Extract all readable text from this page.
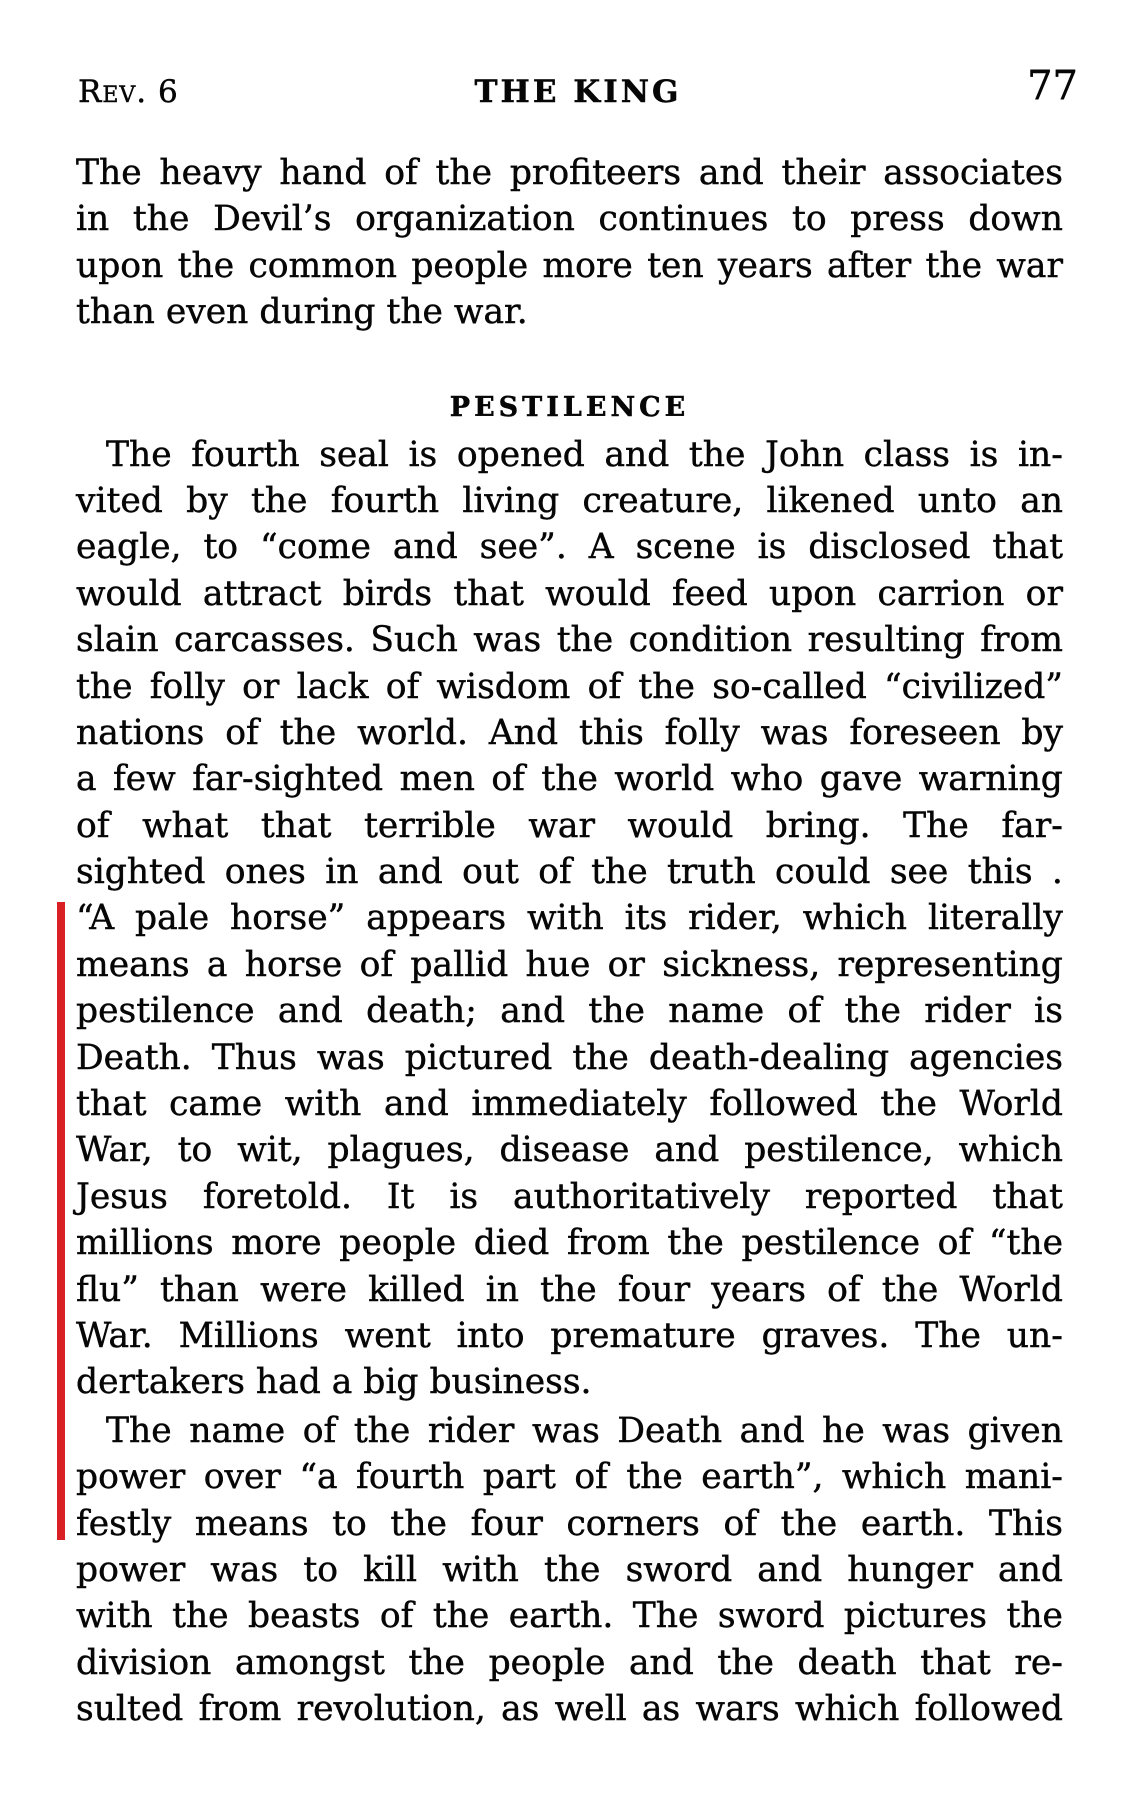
Rev. 6	THE KING	77
The heavy hand of the profiteers and their associates
in the Devil’s organization continues to press down
upon the common people more ten years after the war
than even during the war.
PESTILENCE
The fourth seal is opened and the John class is in-
vited by the fourth living creature, likened unto an
eagle, to “come and see”. A scene is disclosed that
would attract birds that would feed upon carrion or
slain carcasses. Such was the condition resulting from
the folly or lack of wisdom of the so-called “civilized”
nations of the world. And this folly was foreseen by
a few far-sighted men of the world who gave warning
of what that terrible war would bring. The far-
sighted ones in and out of the truth could see this .
“A pale horse” appears with its rider, which literally
means a horse of pallid hue or sickness, representing
pestilence and death; and the name of the rider is
Death. Thus was pictured the death-dealing agencies
that came with and immediately followed the World
War, to wit, plagues, disease and pestilence, which
Jesus foretold. It is authoritatively reported that
millions more people died from the pestilence of “the
flu” than were killed in the four years of the World
War. Millions went into premature graves. The un-
dertakers had a big business.
The name of the rider was Death and he was given
power over “a fourth part of the earth”, which mani-
festly means to the four corners of the earth. This
power was to kill with the sword and hunger and
with the beasts of the earth. The sword pictures the
division amongst the people and the death that re-
sulted from revolution, as well as wars which followed
